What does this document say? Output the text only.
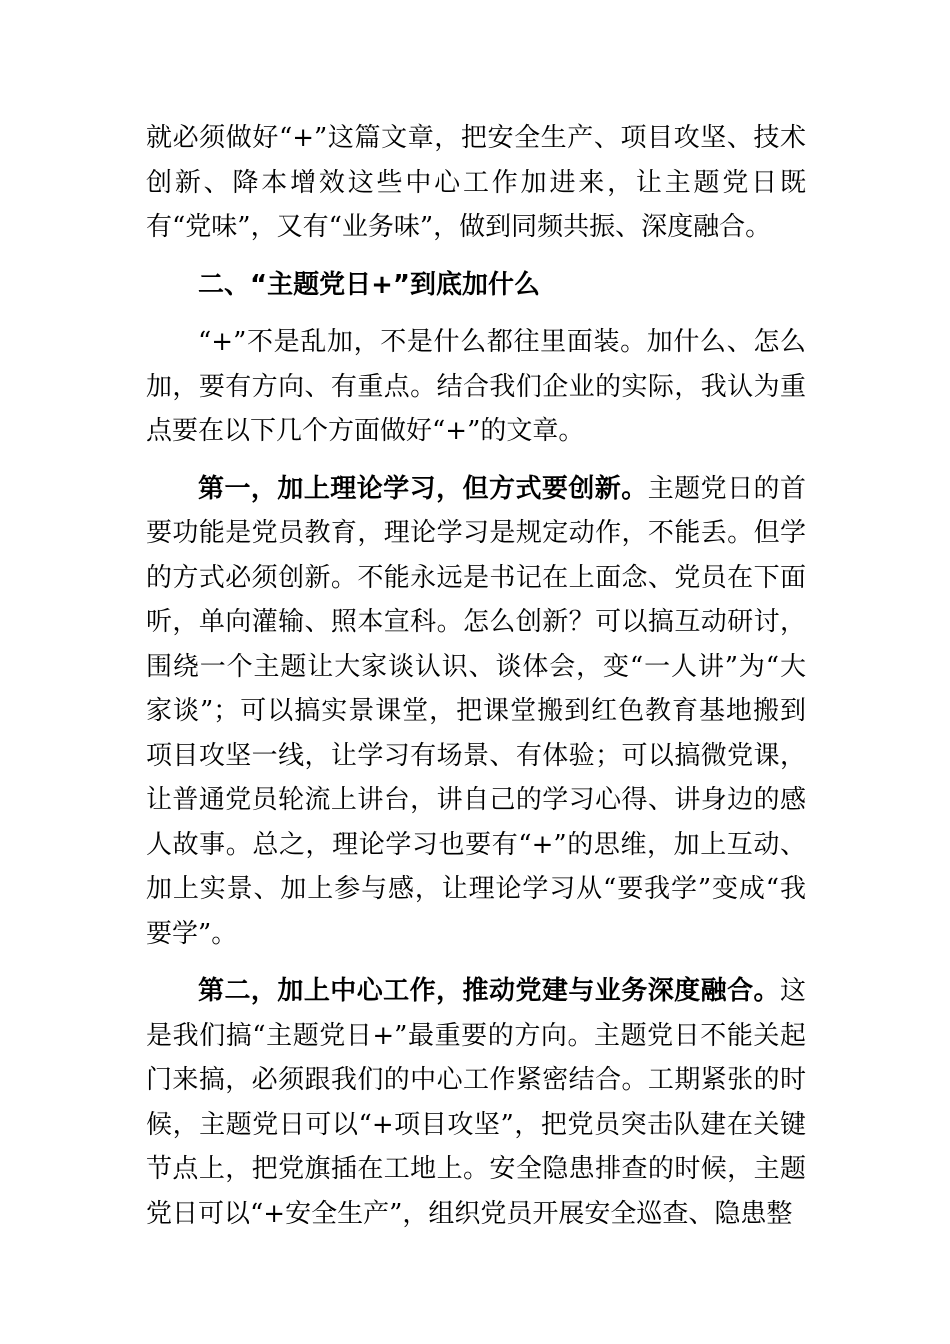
就必须做好“+”这篇文章，把安全生产、项目攻坚、技术创新、降本增效这些中心工作加进来，让主题党日既有“党味”，又有“业务味”，做到同频共振、深度融合。

二、“主题党日+”到底加什么

“+”不是乱加，不是什么都往里面装。加什么、怎么加，要有方向、有重点。结合我们企业的实际，我认为重点要在以下几个方面做好“+”的文章。

第一，加上理论学习，但方式要创新。主题党日的首要功能是党员教育，理论学习是规定动作，不能丢。但学的方式必须创新。不能永远是书记在上面念、党员在下面听，单向灌输、照本宣科。怎么创新？可以搞互动研讨，围绕一个主题让大家谈认识、谈体会，变“一人讲”为“大家谈”；可以搞实景课堂，把课堂搬到红色教育基地搬到项目攻坚一线，让学习有场景、有体验；可以搞微党课，让普通党员轮流上讲台，讲自己的学习心得、讲身边的感人故事。总之，理论学习也要有“+”的思维，加上互动、加上实景、加上参与感，让理论学习从“要我学”变成“我要学”。

第二，加上中心工作，推动党建与业务深度融合。这是我们搞“主题党日+”最重要的方向。主题党日不能关起门来搞，必须跟我们的中心工作紧密结合。工期紧张的时候，主题党日可以“+项目攻坚”，把党员突击队建在关键节点上，把党旗插在工地上。安全隐患排查的时候，主题党日可以“+安全生产”，组织党员开展安全巡查、隐患整
